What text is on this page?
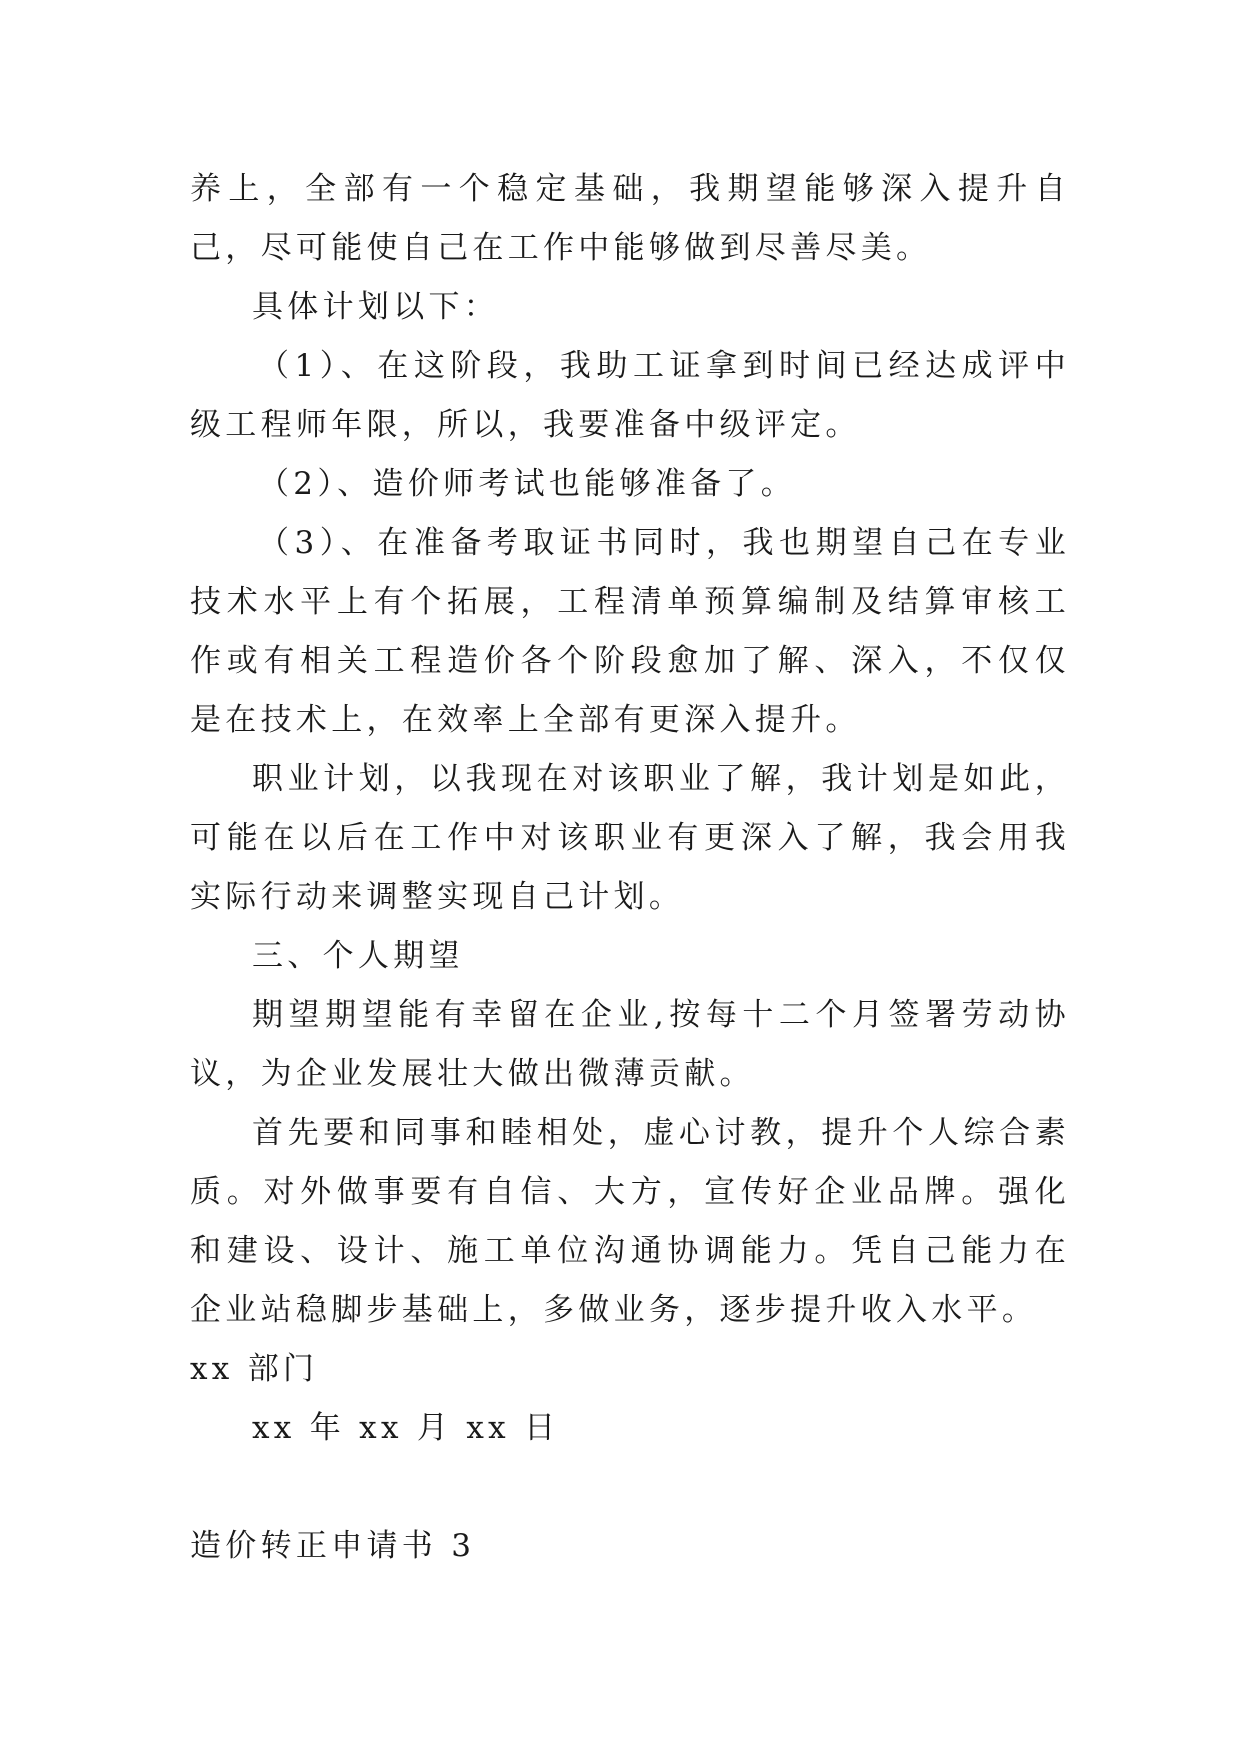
养上，全部有一个稳定基础，我期望能够深入提升自己，尽可能使自己在工作中能够做到尽善尽美。

具体计划以下：

（1）、在这阶段，我助工证拿到时间已经达成评中级工程师年限，所以，我要准备中级评定。

（2）、造价师考试也能够准备了。

（3）、在准备考取证书同时，我也期望自己在专业技术水平上有个拓展，工程清单预算编制及结算审核工作或有相关工程造价各个阶段愈加了解、深入，不仅仅是在技术上，在效率上全部有更深入提升。

职业计划，以我现在对该职业了解，我计划是如此，可能在以后在工作中对该职业有更深入了解，我会用我实际行动来调整实现自己计划。

三、个人期望

期望期望能有幸留在企业,按每十二个月签署劳动协议，为企业发展壮大做出微薄贡献。

首先要和同事和睦相处，虚心讨教，提升个人综合素质。对外做事要有自信、大方，宣传好企业品牌。强化和建设、设计、施工单位沟通协调能力。凭自己能力在企业站稳脚步基础上，多做业务，逐步提升收入水平。

xx 部门

xx 年 xx 月 xx 日

造价转正申请书 3
